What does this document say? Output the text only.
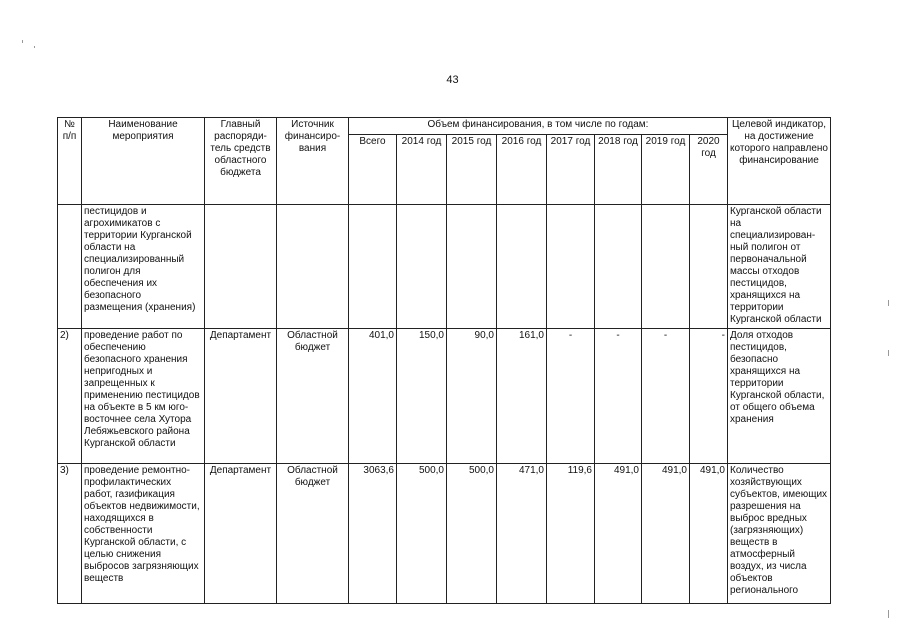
43
№ п/п	Наименование мероприятия	Главный распоряди- тель средств областного бюджета	Источник финансиро- вания	Объем финансирования, в том числе по годам:								Целевой индикатор, на достижение которого направлено финансирование
				Всего	2014 год	2015 год	2016 год	2017 год	2018 год	2019 год	2020 год	
	пестицидов и агрохимикатов с территории Курганской области на специализированный полигон для обеспечения их безопасного размещения (хранения)											Курганской области на специализирован-ный полигон от первоначальной массы отходов пестицидов, хранящихся на территории Курганской области
2)	проведение работ по обеспечению безопасного хранения непригодных и запрещенных к применению пестицидов на объекте в 5 км юго-восточнее села Хутора Лебяжьевского района Курганской области	Департамент	Областной бюджет	401,0	150,0	90,0	161,0	-	-	-	-	Доля отходов пестицидов, безопасно хранящихся на территории Курганской области, от общего объема хранения
3)	проведение ремонтно-профилактических работ, газификация объектов недвижимости, находящихся в собственности Курганской области, с целью снижения выбросов загрязняющих веществ	Департамент	Областной бюджет	3063,6	500,0	500,0	471,0	119,6	491,0	491,0	491,0	Количество хозяйствующих субъектов, имеющих разрешения на выброс вредных (загрязняющих) веществ в атмосферный воздух, из числа объектов регионального
